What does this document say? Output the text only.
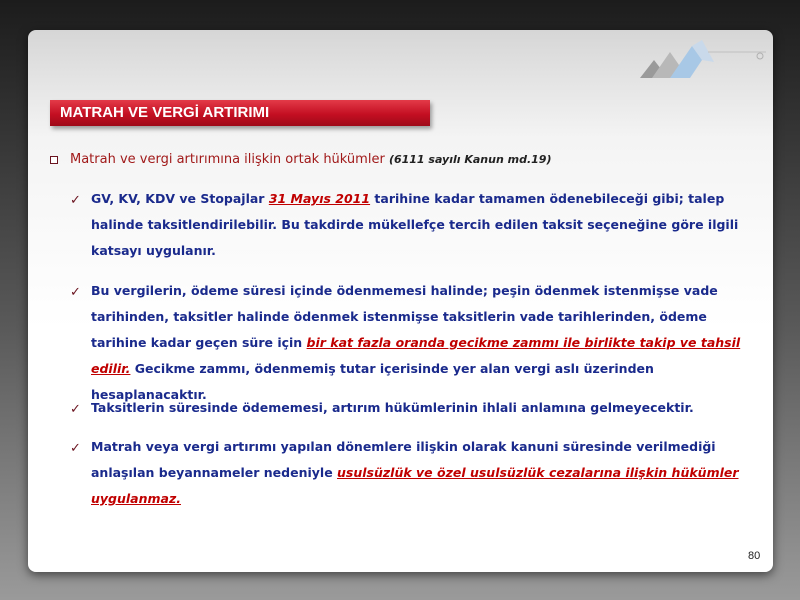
MATRAH VE VERGİ ARTIRIMI
Matrah ve vergi artırımına ilişkin ortak hükümler (6111 sayılı Kanun md.19)
✓ GV, KV, KDV ve Stopajlar 31 Mayıs 2011 tarihine kadar tamamen ödenebileceği gibi; talep halinde taksitlendirilebilir. Bu takdirde mükellefçe tercih edilen taksit seçeneğine göre ilgili katsayı uygulanır.
✓ Bu vergilerin, ödeme süresi içinde ödenmemesi halinde; peşin ödenmek istenmişse vade tarihinden, taksitler halinde ödenmek istenmişse taksitlerin vade tarihlerinden, ödeme tarihine kadar geçen süre için bir kat fazla oranda gecikme zammı ile birlikte takip ve tahsil edilir. Gecikme zammı, ödenmemiş tutar içerisinde yer alan vergi aslı üzerinden hesaplanacaktır.
✓ Taksitlerin süresinde ödememesi, artırım hükümlerinin ihlali anlamına gelmeyecektir.
✓ Matrah veya vergi artırımı yapılan dönemlere ilişkin olarak kanuni süresinde verilmediği anlaşılan beyannameler nedeniyle usulsüzlük ve özel usulsüzlük cezalarına ilişkin hükümler uygulanmaz.
80
